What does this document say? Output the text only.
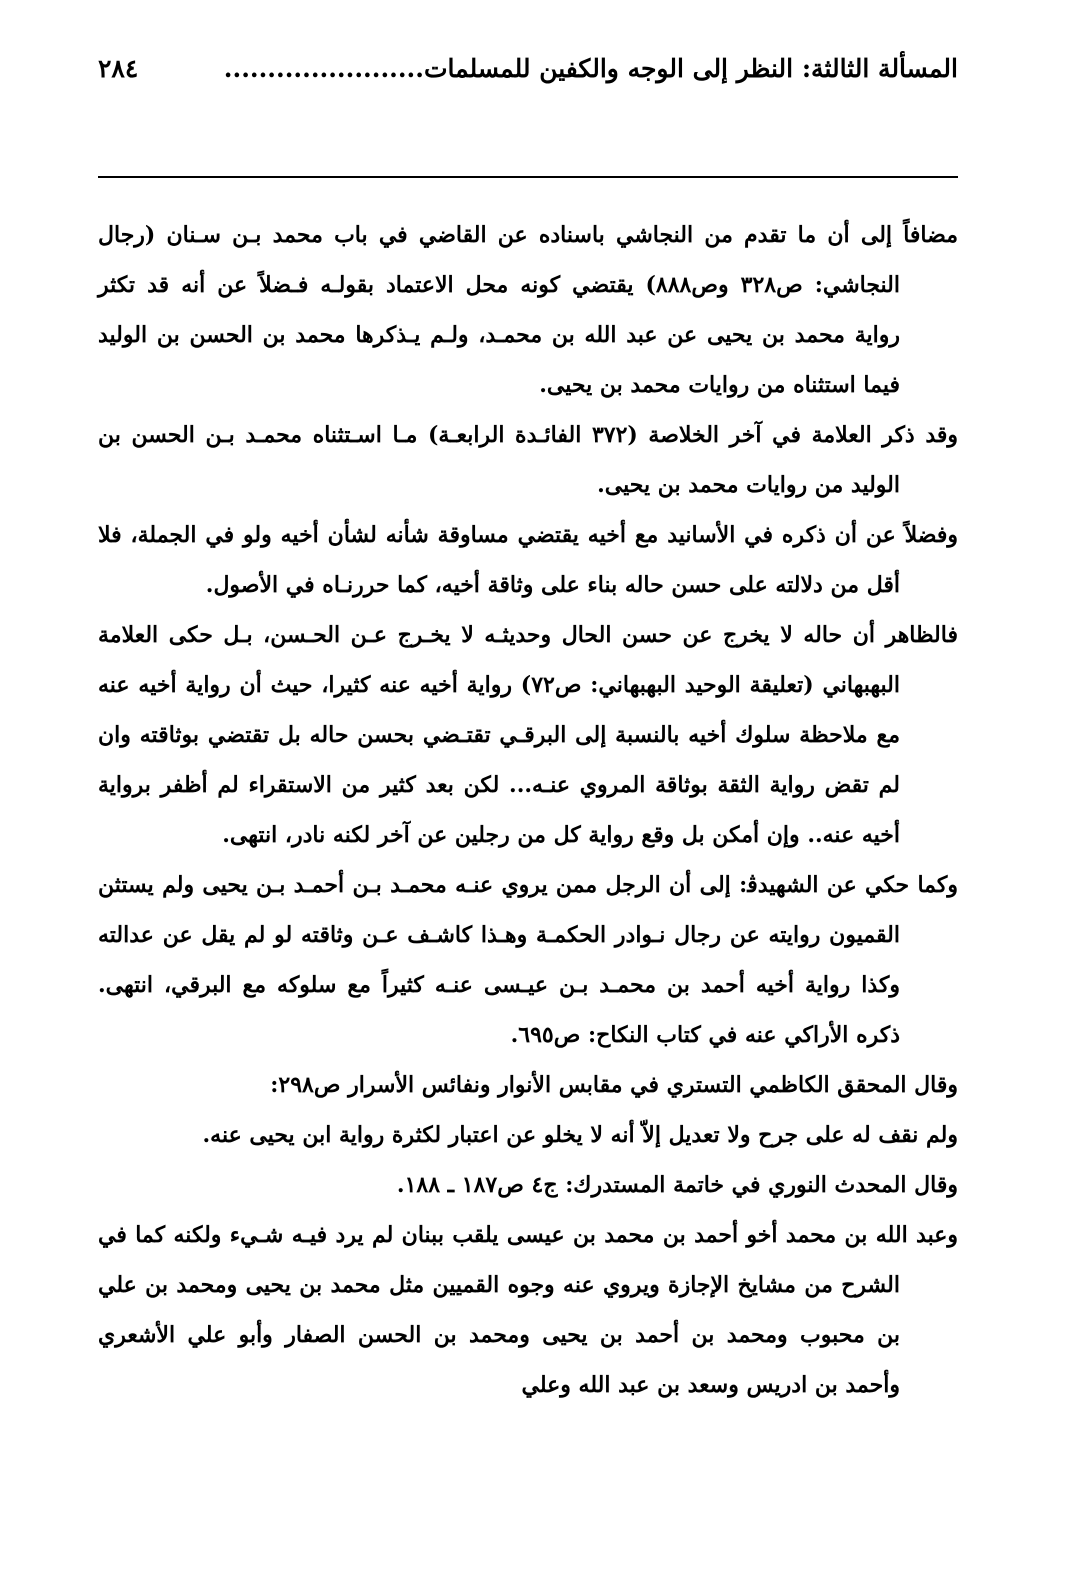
المسألة الثالثة: النظر إلى الوجه والكفين للمسلمات.......................
٢٨٤

مضافاً إلى أن ما تقدم من النجاشي باسناده عن القاضي في باب محمد بـن سـنان (رجال النجاشي: ص٣٢٨ وص٨٨٨) يقتضي كونه محل الاعتماد بقولـه فـضلاً عن أنه قد تكثر رواية محمد بن يحيى عن عبد الله بن محمـد، ولـم يـذكرها محمد بن الحسن بن الوليد فيما استثناه من روايات محمد بن يحيى.

وقد ذكر العلامة في آخر الخلاصة (٣٧٢ الفائـدة الرابعـة) مـا اسـتثناه محمـد بـن الحسن بن الوليد من روايات محمد بن يحيى.

وفضلاً عن أن ذكره في الأسانيد مع أخيه يقتضي مساوقة شأنه لشأن أخيه ولو في الجملة، فلا أقل من دلالته على حسن حاله بناء على وثاقة أخيه، كما حررنـاه في الأصول.

فالظاهر أن حاله لا يخرج عن حسن الحال وحديثـه لا يخـرج عـن الحـسن، بـل حكى العلامة البهبهاني (تعليقة الوحيد البهبهاني: ص٧٢) رواية أخيه عنه كثيرا، حيث أن رواية أخيه عنه مع ملاحظة سلوك أخيه بالنسبة إلى البرقـي تقتـضي بحسن حاله بل تقتضي بوثاقته وان لم تقض رواية الثقة بوثاقة المروي عنـه... لكن بعد كثير من الاستقراء لم أظفر برواية أخيه عنه.. وإن أمكن بل وقع رواية كل من رجلين عن آخر لكنه نادر، انتهى.

وكما حكي عن الشهيدﭬ: إلى أن الرجل ممن يروي عنـه محمـد بـن أحمـد بـن يحيى ولم يستثن القميون روايته عن رجال نـوادر الحكمـة وهـذا كاشـف عـن وثاقته لو لم يقل عن عدالته وكذا رواية أخيه أحمد بن محمـد بـن عيـسى عنـه كثيراً مع سلوكه مع البرقي، انتهى. ذكره الأراكي عنه في كتاب النكاح: ص٦٩٥.

وقال المحقق الكاظمي التستري في مقابس الأنوار ونفائس الأسرار ص٢٩٨:

ولم نقف له على جرح ولا تعديل إلاّ أنه لا يخلو عن اعتبار لكثرة رواية ابن يحيى عنه.

وقال المحدث النوري في خاتمة المستدرك: ج٤ ص١٨٧ ـ ١٨٨.

وعبد الله بن محمد أخو أحمد بن محمد بن عيسى يلقب ببنان لم يرد فيـه شـيء ولكنه كما في الشرح من مشايخ الإجازة ويروي عنه وجوه القميين مثل محمد بن يحيى ومحمد بن علي بن محبوب ومحمد بن أحمد بن يحيى ومحمد بن الحسن الصفار وأبو علي الأشعري وأحمد بن ادريس وسعد بن عبد الله وعلي
